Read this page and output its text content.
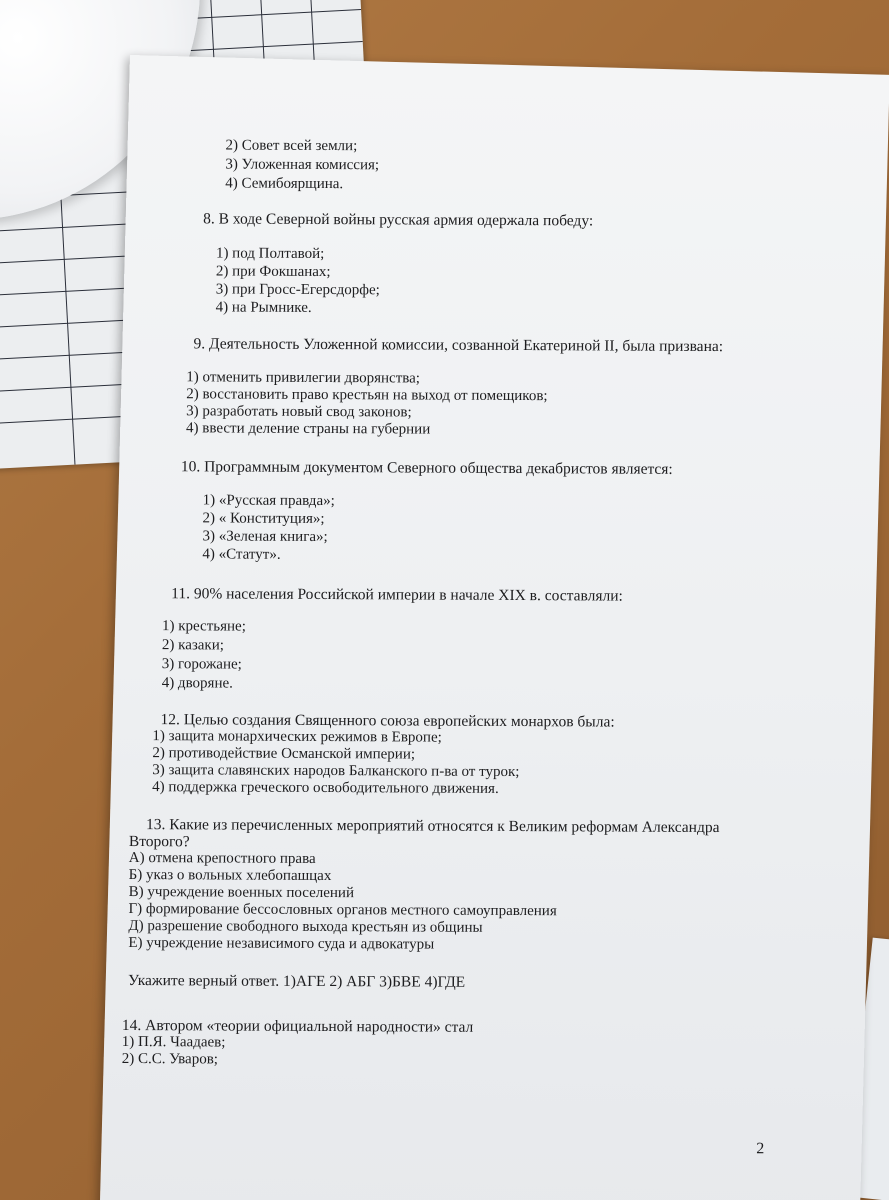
2) Совет всей земли;
3) Уложенная комиссия;
4) Семибоярщина.
8. В ходе Северной войны русская армия одержала победу:
1) под Полтавой;
2) при Фокшанах;
3) при Гросс-Егерсдорфе;
4) на Рымнике.
9. Деятельность Уложенной комиссии, созванной Екатериной II, была призвана:
1) отменить привилегии дворянства;
2) восстановить право крестьян на выход от помещиков;
3) разработать новый свод законов;
4) ввести деление страны на губернии
10. Программным документом Северного общества декабристов является:
1) «Русская правда»;
2) « Конституция»;
3) «Зеленая книга»;
4) «Статут».
11. 90% населения Российской империи в начале XIX в. составляли:
1) крестьяне;
2) казаки;
3) горожане;
4) дворяне.
12. Целью создания Священного союза европейских монархов была:
1) защита монархических режимов в Европе;
2) противодействие Османской империи;
3) защита славянских народов Балканского п-ва от турок;
4) поддержка греческого освободительного движения.
13. Какие из перечисленных мероприятий относятся к Великим реформам Александра
Второго?
А) отмена крепостного права
Б) указ о вольных хлебопашцах
В) учреждение военных поселений
Г) формирование бессословных органов местного самоуправления
Д) разрешение свободного выхода крестьян из общины
Е) учреждение независимого суда и адвокатуры
Укажите верный ответ. 1)АГЕ 2) АБГ 3)БВЕ 4)ГДЕ
14. Автором «теории официальной народности» стал
1) П.Я. Чаадаев;
2) С.С. Уваров;
2
